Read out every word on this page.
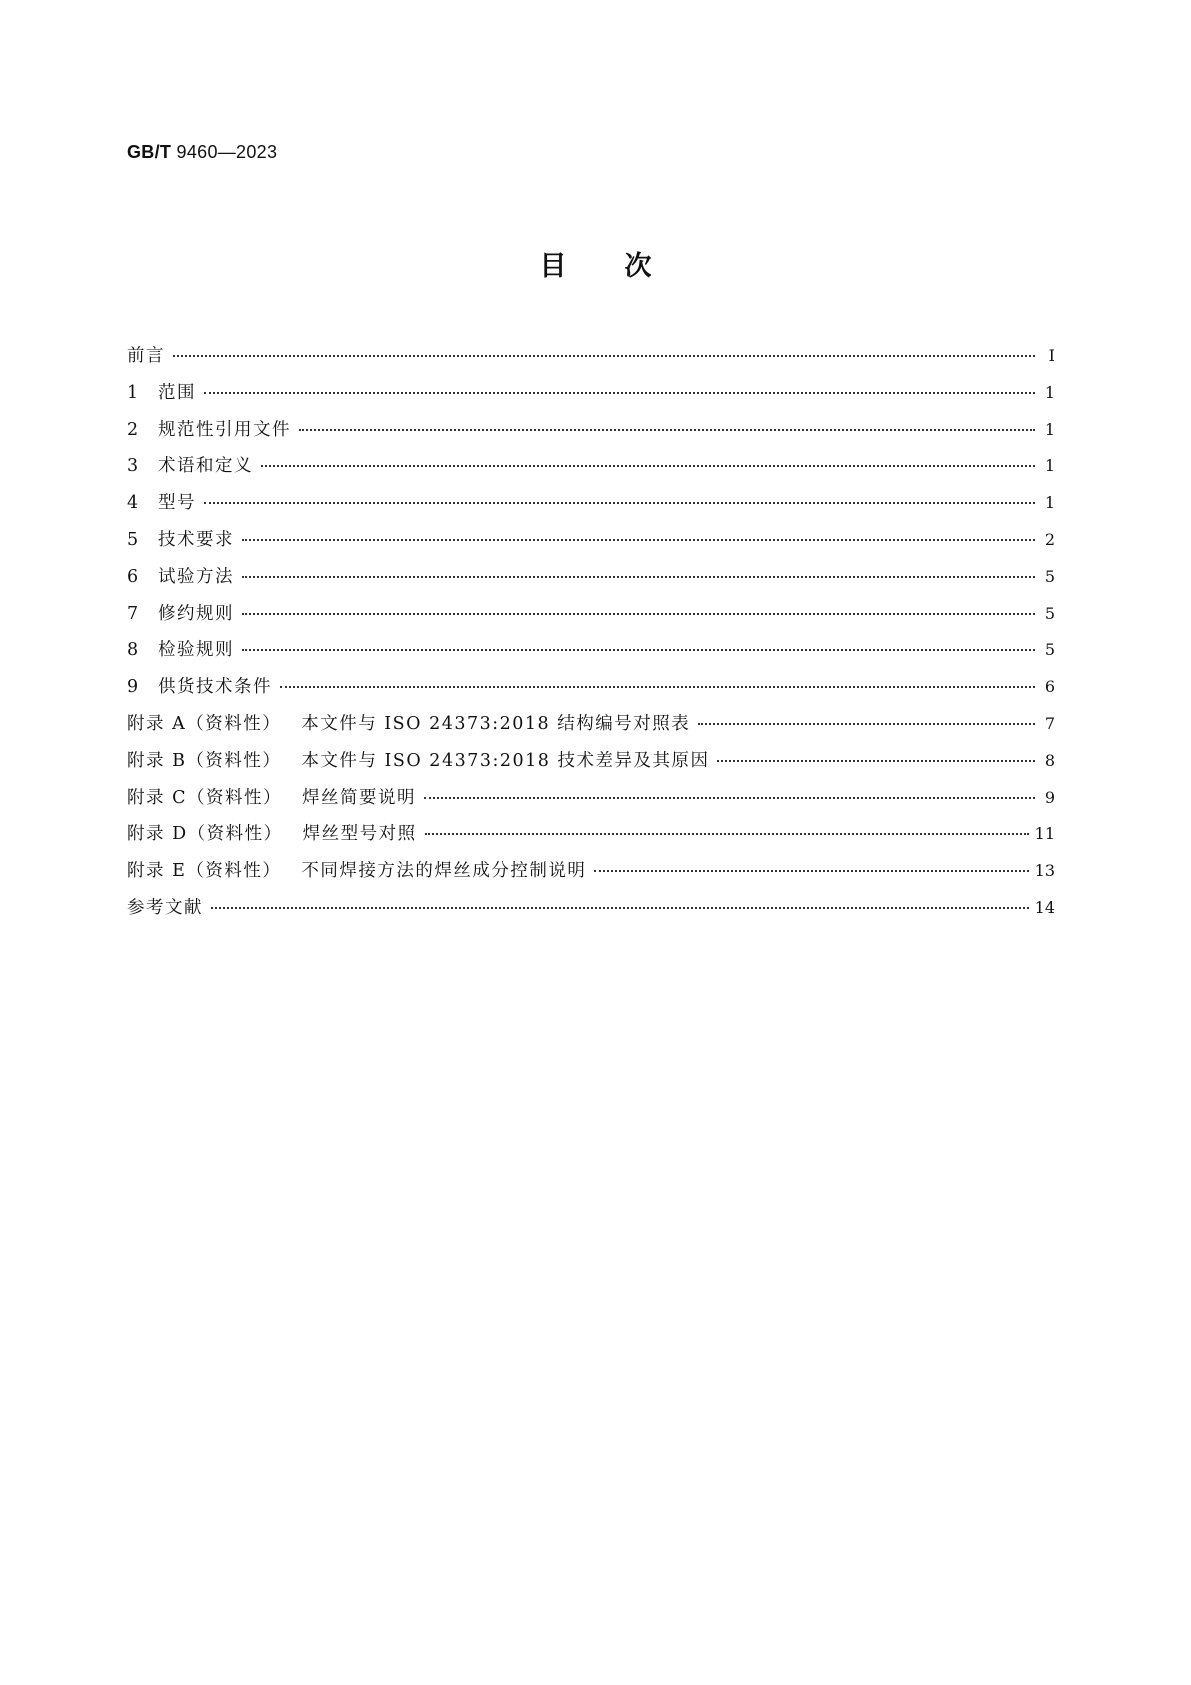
GB/T 9460—2023
目次
前言	Ⅰ
1 范围	1
2 规范性引用文件	1
3 术语和定义	1
4 型号	1
5 技术要求	2
6 试验方法	5
7 修约规则	5
8 检验规则	5
9 供货技术条件	6
附录 A（资料性） 本文件与 ISO 24373:2018 结构编号对照表	7
附录 B（资料性） 本文件与 ISO 24373:2018 技术差异及其原因	8
附录 C（资料性） 焊丝简要说明	9
附录 D（资料性） 焊丝型号对照	11
附录 E（资料性） 不同焊接方法的焊丝成分控制说明	13
参考文献	14
